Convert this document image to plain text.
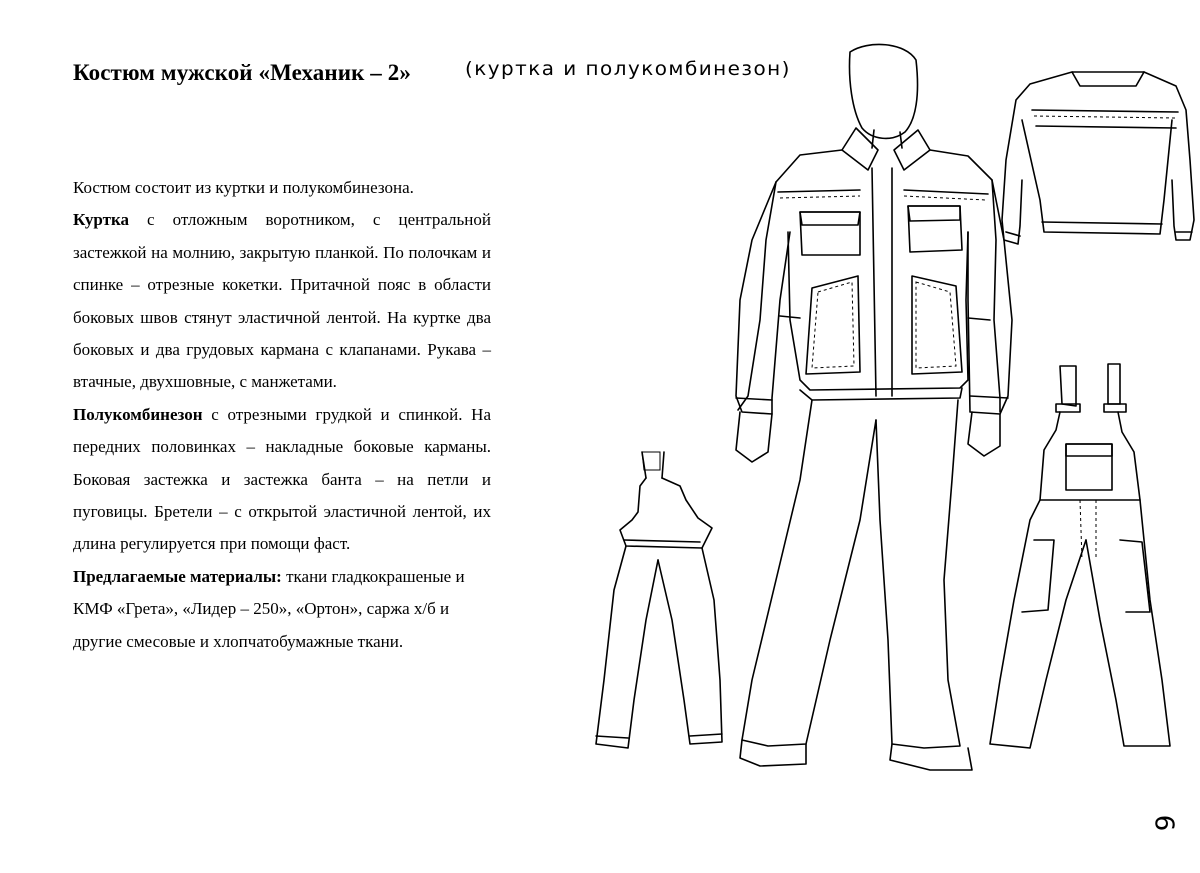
Костюм мужской «Механик – 2»	(куртка и полукомбинезон)

Костюм состоит из куртки и полукомбинезона.

Куртка с отложным воротником, с центральной застежкой на молнию, закрытую планкой. По полочкам и спинке – отрезные кокетки. Притачной пояс в области боковых швов стянут эластичной лентой. На куртке два боковых и два грудовых кармана с клапанами. Рукава – втачные, двухшовные, с манжетами.

Полукомбинезон с отрезными грудкой и спинкой. На передних половинках – накладные боковые карманы. Боковая застежка и застежка банта – на петли и пуговицы. Бретели – с открытой эластичной лентой, их длина регулируется при помощи фаст.

Предлагаемые материалы: ткани гладкокрашеные и КМФ «Грета», «Лидер – 250», «Ортон», саржа х/б и другие смесовые и хлопчатобумажные ткани.

9
